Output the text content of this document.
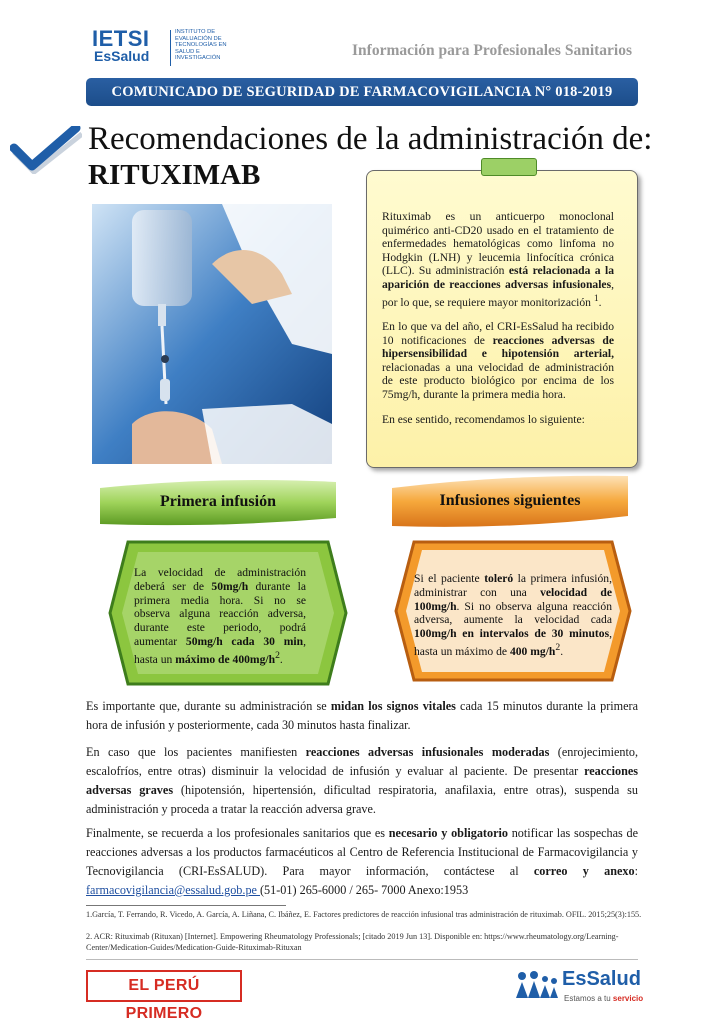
IETSI
EsSalud
INSTITUTO DE EVALUACIÓN DE TECNOLOGÍAS EN SALUD E INVESTIGACIÓN	Información para Profesionales Sanitarios
COMUNICADO DE SEGURIDAD DE FARMACOVIGILANCIA N° 018-2019
Recomendaciones de la administración de:
RITUXIMAB

Rituximab es un anticuerpo monoclonal quimérico anti-CD20 usado en el tratamiento de enfermedades hematológicas como linfoma no Hodgkin (LNH) y leucemia linfocítica crónica (LLC). Su administración está relacionada a la aparición de reacciones adversas infusionales, por lo que, se requiere mayor monitorización $^1$.

En lo que va del año, el CRI-EsSalud ha recibido 10 notificaciones de reacciones adversas de hipersensibilidad e hipotensión arterial, relacionadas a una velocidad de administración de este producto biológico por encima de los 75mg/h, durante la primera media hora.

En ese sentido, recomendamos lo siguiente:

Primera infusión
La velocidad de administración deberá ser de 50mg/h durante la primera media hora. Si no se observa alguna reacción adversa, durante este periodo, podrá aumentar 50mg/h cada 30 min, hasta un máximo de $400mg/h^2$.
Infusiones siguientes
Si el paciente toleró la primera infusión, administrar con una velocidad de 100mg/h. Si no observa alguna reacción adversa, aumente la velocidad cada 100mg/h en intervalos de 30 minutos, hasta un máximo de 400 $mg/h^2$.
Es importante que, durante su administración se midan los signos vitales cada 15 minutos durante la primera hora de infusión y posteriormente, cada 30 minutos hasta finalizar.
En caso que los pacientes manifiesten reacciones adversas infusionales moderadas (enrojecimiento, escalofríos, entre otras) disminuir la velocidad de infusión y evaluar al paciente. De presentar reacciones adversas graves (hipotensión, hipertensión, dificultad respiratoria, anafilaxia, entre otras), suspenda su administración y proceda a tratar la reacción adversa grave.
Finalmente, se recuerda a los profesionales sanitarios que es necesario y obligatorio notificar las sospechas de reacciones adversas a los productos farmacéuticos al Centro de Referencia Institucional de Farmacovigilancia y Tecnovigilancia (CRI-EsSALUD). Para mayor información, contáctese al correo y anexo: farmacovigilancia@essalud.gob.pe (51-01) 265-6000 / 265- 7000 Anexo:1953
1.García, T. Ferrando, R. Vicedo, A. García, A. Liñana, C. Ibáñez, E. Factores predictores de reacción infusional tras administración de rituximab. OFIL. 2015;25(3):155.
2. ACR: Rituximab (Rituxan) [Internet]. Empowering Rheumatology Professionals; [citado 2019 Jun 13]. Disponible en: https://www.rheumatology.org/Learning-Center/Medication-Guides/Medication-Guide-Rituximab-Rituxan
EL PERÚ PRIMERO
EsSalud
Estamos a tu servicio
